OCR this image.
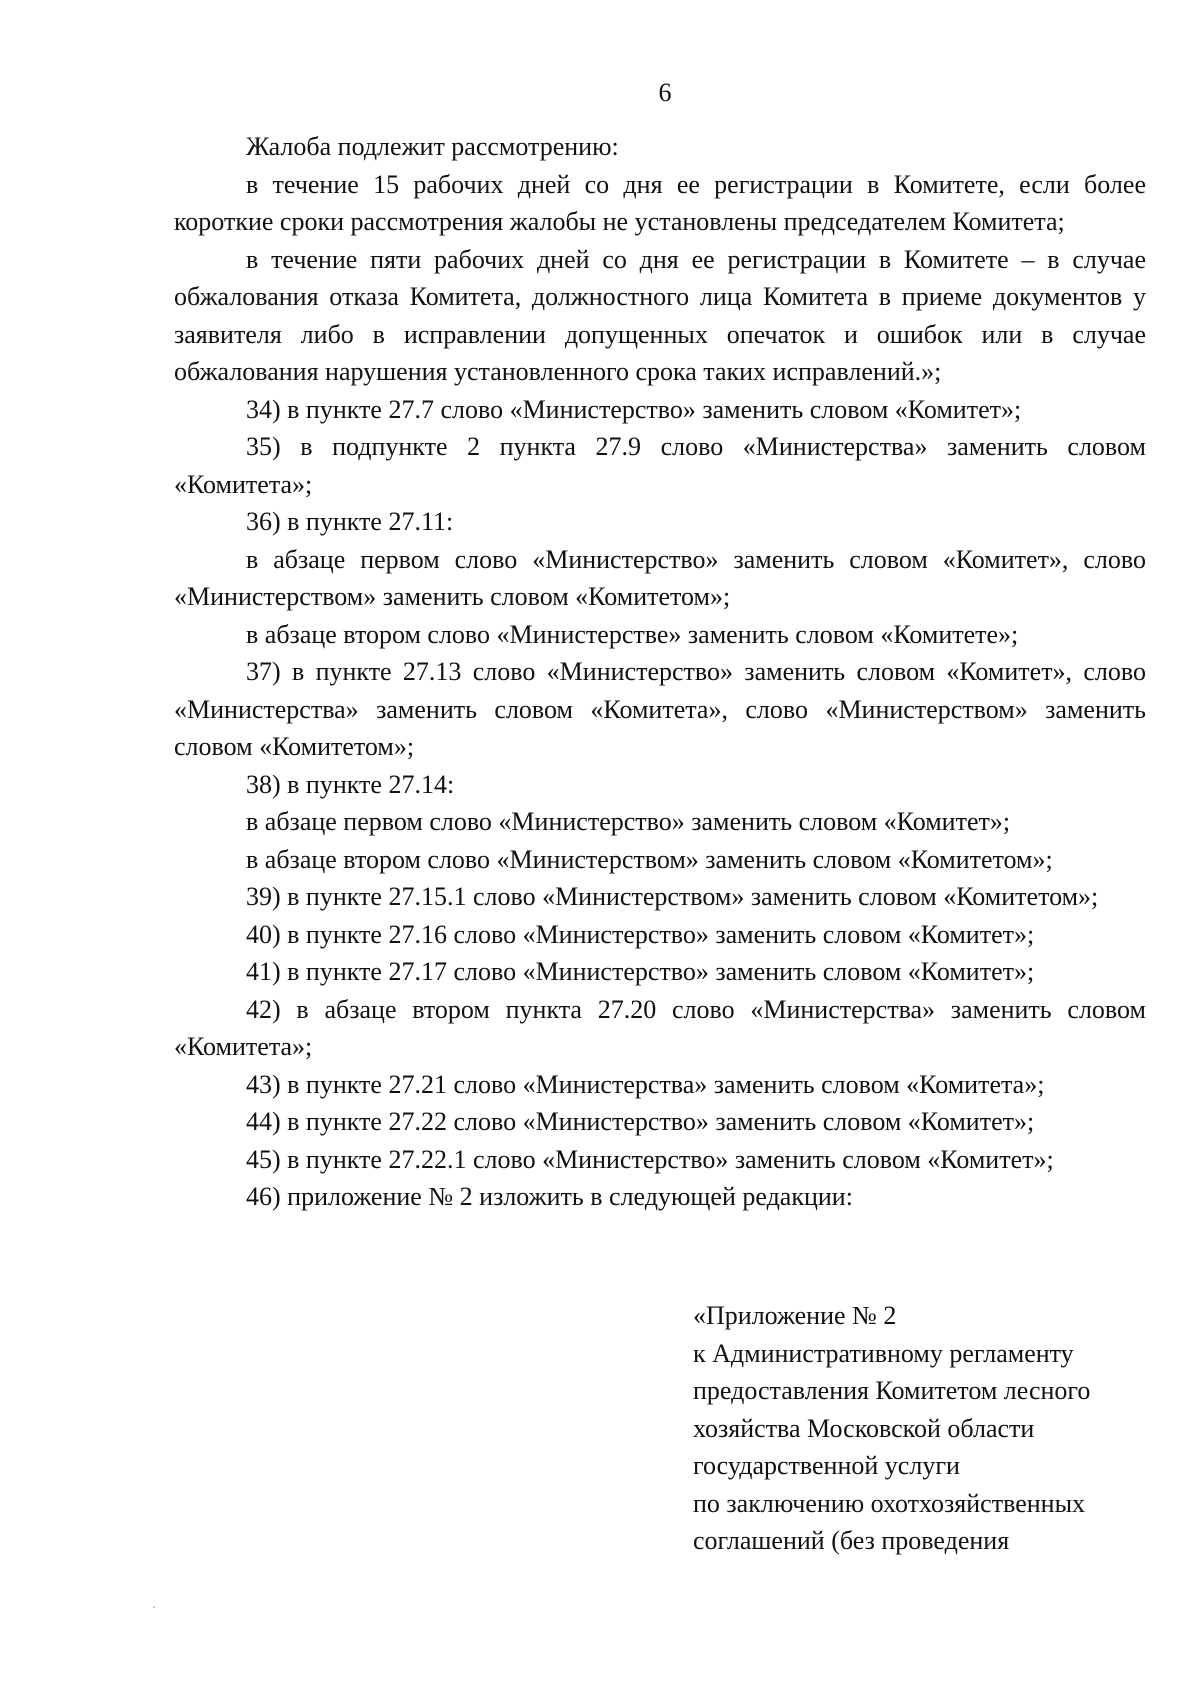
6

Жалоба подлежит рассмотрению:

в течение 15 рабочих дней со дня ее регистрации в Комитете, если более короткие сроки рассмотрения жалобы не установлены председателем Комитета;

в течение пяти рабочих дней со дня ее регистрации в Комитете – в случае обжалования отказа Комитета, должностного лица Комитета в приеме документов у заявителя либо в исправлении допущенных опечаток и ошибок или в случае обжалования нарушения установленного срока таких исправлений.»;

34) в пункте 27.7 слово «Министерство» заменить словом «Комитет»;

35) в подпункте 2 пункта 27.9 слово «Министерства» заменить словом «Комитета»;

36) в пункте 27.11:

в абзаце первом слово «Министерство» заменить словом «Комитет», слово «Министерством» заменить словом «Комитетом»;

в абзаце втором слово «Министерстве» заменить словом «Комитете»;

37) в пункте 27.13 слово «Министерство» заменить словом «Комитет», слово «Министерства» заменить словом «Комитета», слово «Министерством» заменить словом «Комитетом»;

38) в пункте 27.14:

в абзаце первом слово «Министерство» заменить словом «Комитет»;

в абзаце втором слово «Министерством» заменить словом «Комитетом»;

39) в пункте 27.15.1 слово «Министерством» заменить словом «Комитетом»;

40) в пункте 27.16 слово «Министерство» заменить словом «Комитет»;

41) в пункте 27.17 слово «Министерство» заменить словом «Комитет»;

42) в абзаце втором пункта 27.20 слово «Министерства» заменить словом «Комитета»;

43) в пункте 27.21 слово «Министерства» заменить словом «Комитета»;

44) в пункте 27.22 слово «Министерство» заменить словом «Комитет»;

45) в пункте 27.22.1 слово «Министерство» заменить словом «Комитет»;

46) приложение № 2 изложить в следующей редакции:

«Приложение № 2

к Административному регламенту

предоставления Комитетом лесного

хозяйства Московской области

государственной услуги

по заключению охотхозяйственных

соглашений (без проведения
